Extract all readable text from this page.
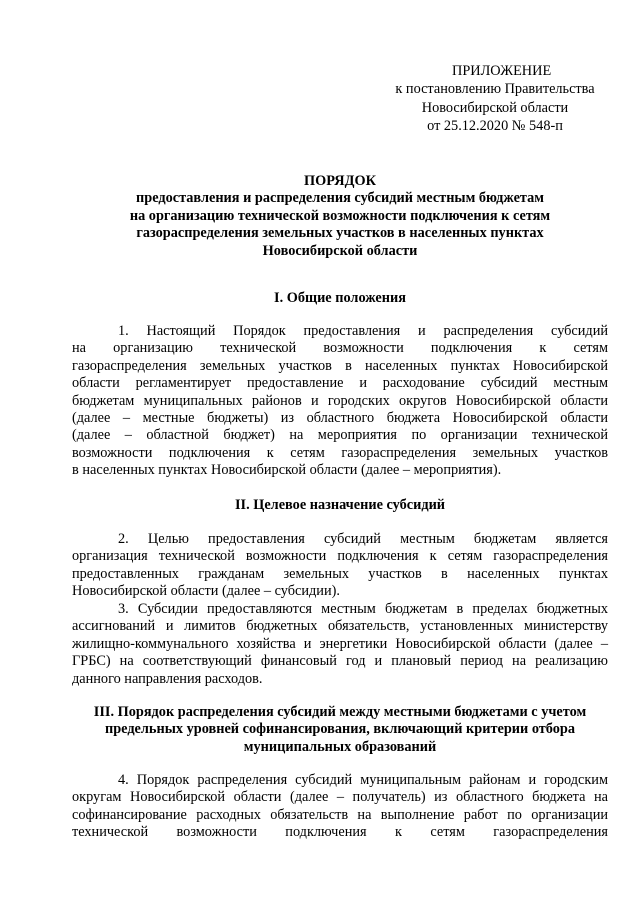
ПРИЛОЖЕНИЕ
к постановлению Правительства
Новосибирской области
от 25.12.2020 № 548-п
ПОРЯДОК
предоставления и распределения субсидий местным бюджетам
на организацию технической возможности подключения к сетям
газораспределения земельных участков в населенных пунктах
Новосибирской области
I. Общие положения
1. Настоящий Порядок предоставления и распределения субсидий
на организацию технической возможности подключения к сетям
газораспределения земельных участков в населенных пунктах Новосибирской
области регламентирует предоставление и расходование субсидий местным
бюджетам муниципальных районов и городских округов Новосибирской области
(далее – местные бюджеты) из областного бюджета Новосибирской области
(далее – областной бюджет) на мероприятия по организации технической
возможности подключения к сетям газораспределения земельных участков
в населенных пунктах Новосибирской области (далее – мероприятия).
II. Целевое назначение субсидий
2. Целью предоставления субсидий местным бюджетам является
организация технической возможности подключения к сетям газораспределения
предоставленных гражданам земельных участков в населенных пунктах
Новосибирской области (далее – субсидии).
3. Субсидии предоставляются местным бюджетам в пределах бюджетных
ассигнований и лимитов бюджетных обязательств, установленных министерству
жилищно-коммунального хозяйства и энергетики Новосибирской области (далее –
ГРБС) на соответствующий финансовый год и плановый период на реализацию
данного направления расходов.
III. Порядок распределения субсидий между местными бюджетами с учетом
предельных уровней софинансирования, включающий критерии отбора
муниципальных образований
4. Порядок распределения субсидий муниципальным районам и городским
округам Новосибирской области (далее – получатель) из областного бюджета на
софинансирование расходных обязательств на выполнение работ по организации
технической возможности подключения к сетям газораспределения
